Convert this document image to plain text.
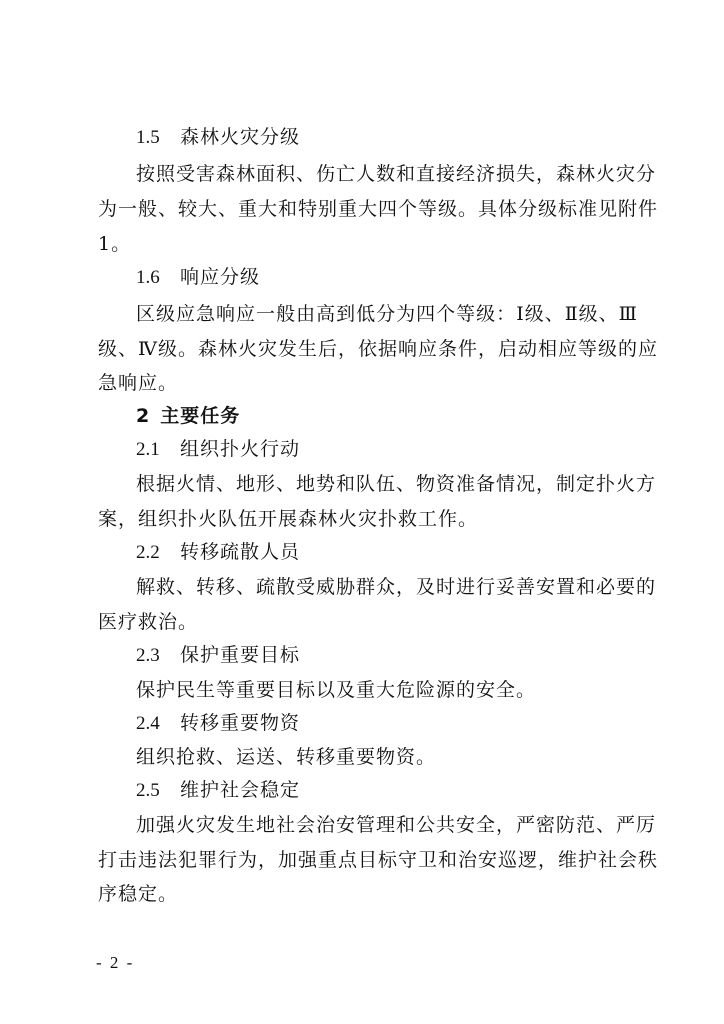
1.5 森林火灾分级
按照受害森林面积、伤亡人数和直接经济损失，森林火灾分
为一般、较大、重大和特别重大四个等级。具体分级标准见附件
1。
1.6 响应分级
区级应急响应一般由高到低分为四个等级：Ⅰ级、Ⅱ级、Ⅲ
级、Ⅳ级。森林火灾发生后，依据响应条件，启动相应等级的应
急响应。
2 主要任务
2.1 组织扑火行动
根据火情、地形、地势和队伍、物资准备情况，制定扑火方
案，组织扑火队伍开展森林火灾扑救工作。
2.2 转移疏散人员
解救、转移、疏散受威胁群众，及时进行妥善安置和必要的
医疗救治。
2.3 保护重要目标
保护民生等重要目标以及重大危险源的安全。
2.4 转移重要物资
组织抢救、运送、转移重要物资。
2.5 维护社会稳定
加强火灾发生地社会治安管理和公共安全，严密防范、严厉
打击违法犯罪行为，加强重点目标守卫和治安巡逻，维护社会秩
序稳定。
- 2 -
